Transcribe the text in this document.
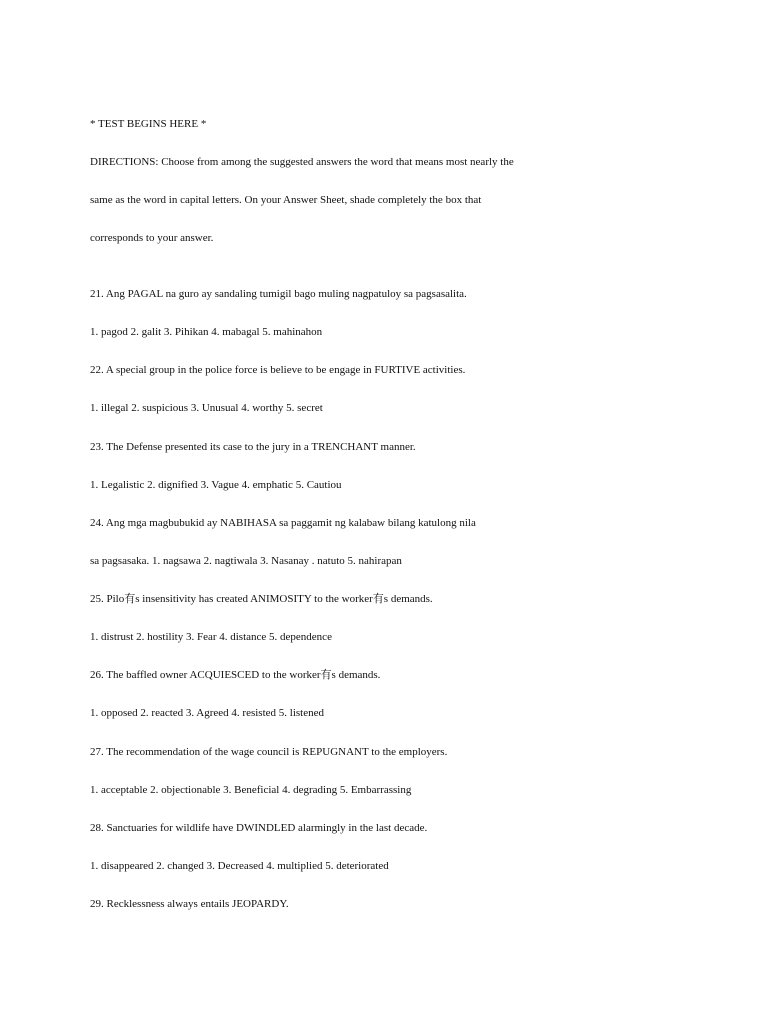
* TEST BEGINS HERE *
DIRECTIONS: Choose from among the suggested answers the word that means most nearly the
same as the word in capital letters. On your Answer Sheet, shade completely the box that
corresponds to your answer.
21. Ang PAGAL na guro ay sandaling tumigil bago muling nagpatuloy sa pagsasalita.
1. pagod 2. galit 3. Pihikan 4. mabagal 5. mahinahon
22. A special group in the police force is believe to be engage in FURTIVE activities.
1. illegal 2. suspicious 3. Unusual 4. worthy 5. secret
23. The Defense presented its case to the jury in a TRENCHANT manner.
1. Legalistic 2. dignified 3. Vague 4. emphatic 5. Cautiou
24. Ang mga magbubukid ay NABIHASA sa paggamit ng kalabaw bilang katulong nila
sa pagsasaka. 1. nagsawa 2. nagtiwala 3. Nasanay . natuto 5. nahirapan
25. Pilo有s insensitivity has created ANIMOSITY to the worker有s demands.
1. distrust 2. hostility 3. Fear 4. distance 5. dependence
26. The baffled owner ACQUIESCED to the worker有s demands.
1. opposed 2. reacted 3. Agreed 4. resisted 5. listened
27. The recommendation of the wage council is REPUGNANT to the employers.
1. acceptable 2. objectionable 3. Beneficial 4. degrading 5. Embarrassing
28. Sanctuaries for wildlife have DWINDLED alarmingly in the last decade.
1. disappeared 2. changed 3. Decreased 4. multiplied 5. deteriorated
29. Recklessness always entails JEOPARDY.
